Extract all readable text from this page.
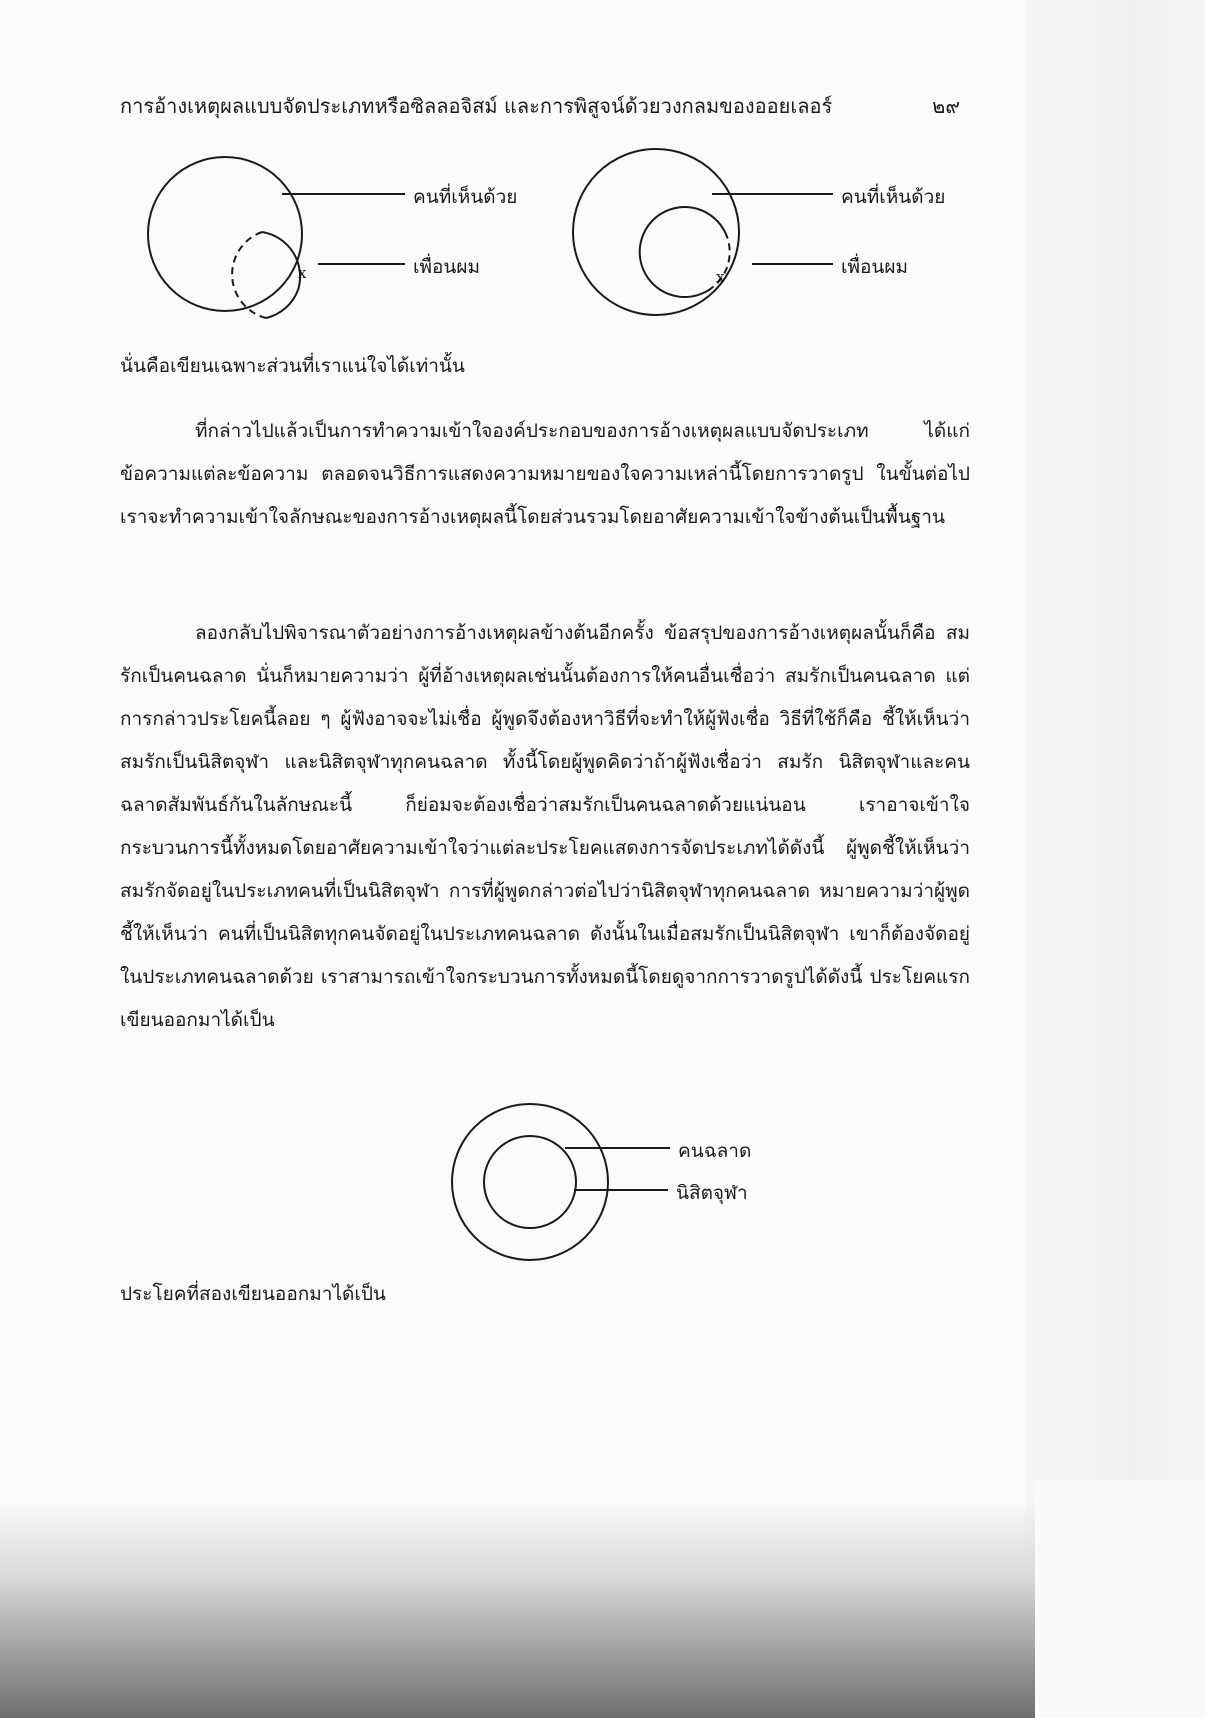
การอ้างเหตุผลแบบจัดประเภทหรือซิลลอจิสม์ และการพิสูจน์ด้วยวงกลมของออยเลอร์	๒๙
คนที่เห็นด้วย
เพื่อนผม
x
คนที่เห็นด้วย
เพื่อนผม
x
นั่นคือเขียนเฉพาะส่วนที่เราแน่ใจได้เท่านั้น
ที่กล่าวไปแล้วเป็นการทำความเข้าใจองค์ประกอบของการอ้างเหตุผลแบบจัดประเภท ได้แก่ ข้อความแต่ละข้อความ ตลอดจนวิธีการแสดงความหมายของใจความเหล่านี้โดยการวาดรูป ในขั้นต่อไปเราจะทำความเข้าใจลักษณะของการอ้างเหตุผลนี้โดยส่วนรวมโดยอาศัยความเข้าใจข้างต้นเป็นพื้นฐาน
ลองกลับไปพิจารณาตัวอย่างการอ้างเหตุผลข้างต้นอีกครั้ง ข้อสรุปของการอ้างเหตุผลนั้นก็คือ สมรักเป็นคนฉลาด นั่นก็หมายความว่า ผู้ที่อ้างเหตุผลเช่นนั้นต้องการให้คนอื่นเชื่อว่า สมรักเป็นคนฉลาด แต่การกล่าวประโยคนี้ลอย ๆ ผู้ฟังอาจจะไม่เชื่อ ผู้พูดจึงต้องหาวิธีที่จะทำให้ผู้ฟังเชื่อ วิธีที่ใช้ก็คือ ชี้ให้เห็นว่าสมรักเป็นนิสิตจุฬา และนิสิตจุฬาทุกคนฉลาด ทั้งนี้โดยผู้พูดคิดว่าถ้าผู้ฟังเชื่อว่า สมรัก นิสิตจุฬาและคนฉลาดสัมพันธ์กันในลักษณะนี้ ก็ย่อมจะต้องเชื่อว่าสมรักเป็นคนฉลาดด้วยแน่นอน เราอาจเข้าใจกระบวนการนี้ทั้งหมดโดยอาศัยความเข้าใจว่าแต่ละประโยคแสดงการจัดประเภทได้ดังนี้ ผู้พูดชี้ให้เห็นว่าสมรักจัดอยู่ในประเภทคนที่เป็นนิสิตจุฬา การที่ผู้พูดกล่าวต่อไปว่านิสิตจุฬาทุกคนฉลาด หมายความว่าผู้พูดชี้ให้เห็นว่า คนที่เป็นนิสิตทุกคนจัดอยู่ในประเภทคนฉลาด ดังนั้นในเมื่อสมรักเป็นนิสิตจุฬา เขาก็ต้องจัดอยู่ในประเภทคนฉลาดด้วย เราสามารถเข้าใจกระบวนการทั้งหมดนี้โดยดูจากการวาดรูปได้ดังนี้ ประโยคแรกเขียนออกมาได้เป็น
คนฉลาด
นิสิตจุฬา
ประโยคที่สองเขียนออกมาได้เป็น
